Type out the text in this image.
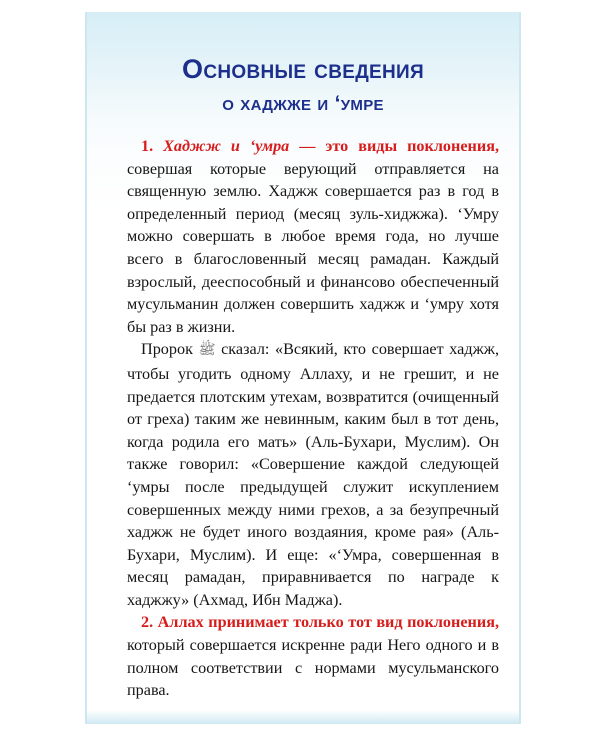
Основные сведения
о хаджже и ʻумре

1. Хаджж и ʻумра — это виды поклонения, совершая которые верующий отправляется на священную землю. Хаджж совершается раз в год в определенный период (месяц зуль-хиджжа). ʻУмру можно совершать в любое время года, но лучше всего в благословенный месяц рамадан. Каждый взрослый, дееспособный и финансово обеспеченный мусульманин должен совершить хаджж и ʻумру хотя бы раз в жизни.

Пророк ﷺ сказал: «Всякий, кто совершает хаджж, чтобы угодить одному Аллаху, и не грешит, и не предается плотским утехам, возвратится (очищенный от греха) таким же невинным, каким был в тот день, когда родила его мать» (Аль-Бухари, Муслим). Он также говорил: «Совершение каждой следующей ʻумры после предыдущей служит искуплением совершенных между ними грехов, а за безупречный хаджж не будет иного воздаяния, кроме рая» (Аль-Бухари, Муслим). И еще: «ʻУмра, совершенная в месяц рамадан, приравнивается по награде к хаджжу» (Ахмад, Ибн Маджа).

2. Аллах принимает только тот вид поклонения, который совершается искренне ради Него одного и в полном соответствии с нормами мусульманского права.
